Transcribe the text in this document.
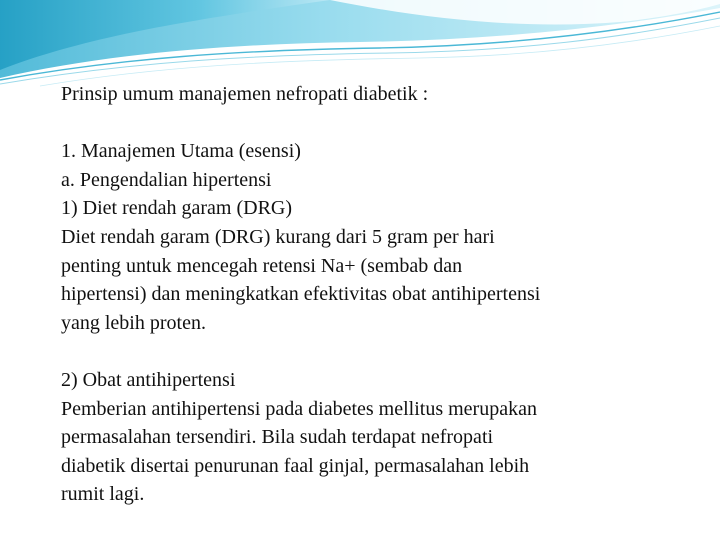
Prinsip umum manajemen nefropati diabetik :
1. Manajemen Utama (esensi)
a. Pengendalian hipertensi
1) Diet rendah garam (DRG)
Diet rendah garam (DRG) kurang dari 5 gram per hari
penting untuk mencegah retensi Na+ (sembab dan
hipertensi) dan meningkatkan efektivitas obat antihipertensi
yang lebih proten.
2) Obat antihipertensi
Pemberian antihipertensi pada diabetes mellitus merupakan
permasalahan tersendiri. Bila sudah terdapat nefropati
diabetik disertai penurunan faal ginjal, permasalahan lebih
rumit lagi.
